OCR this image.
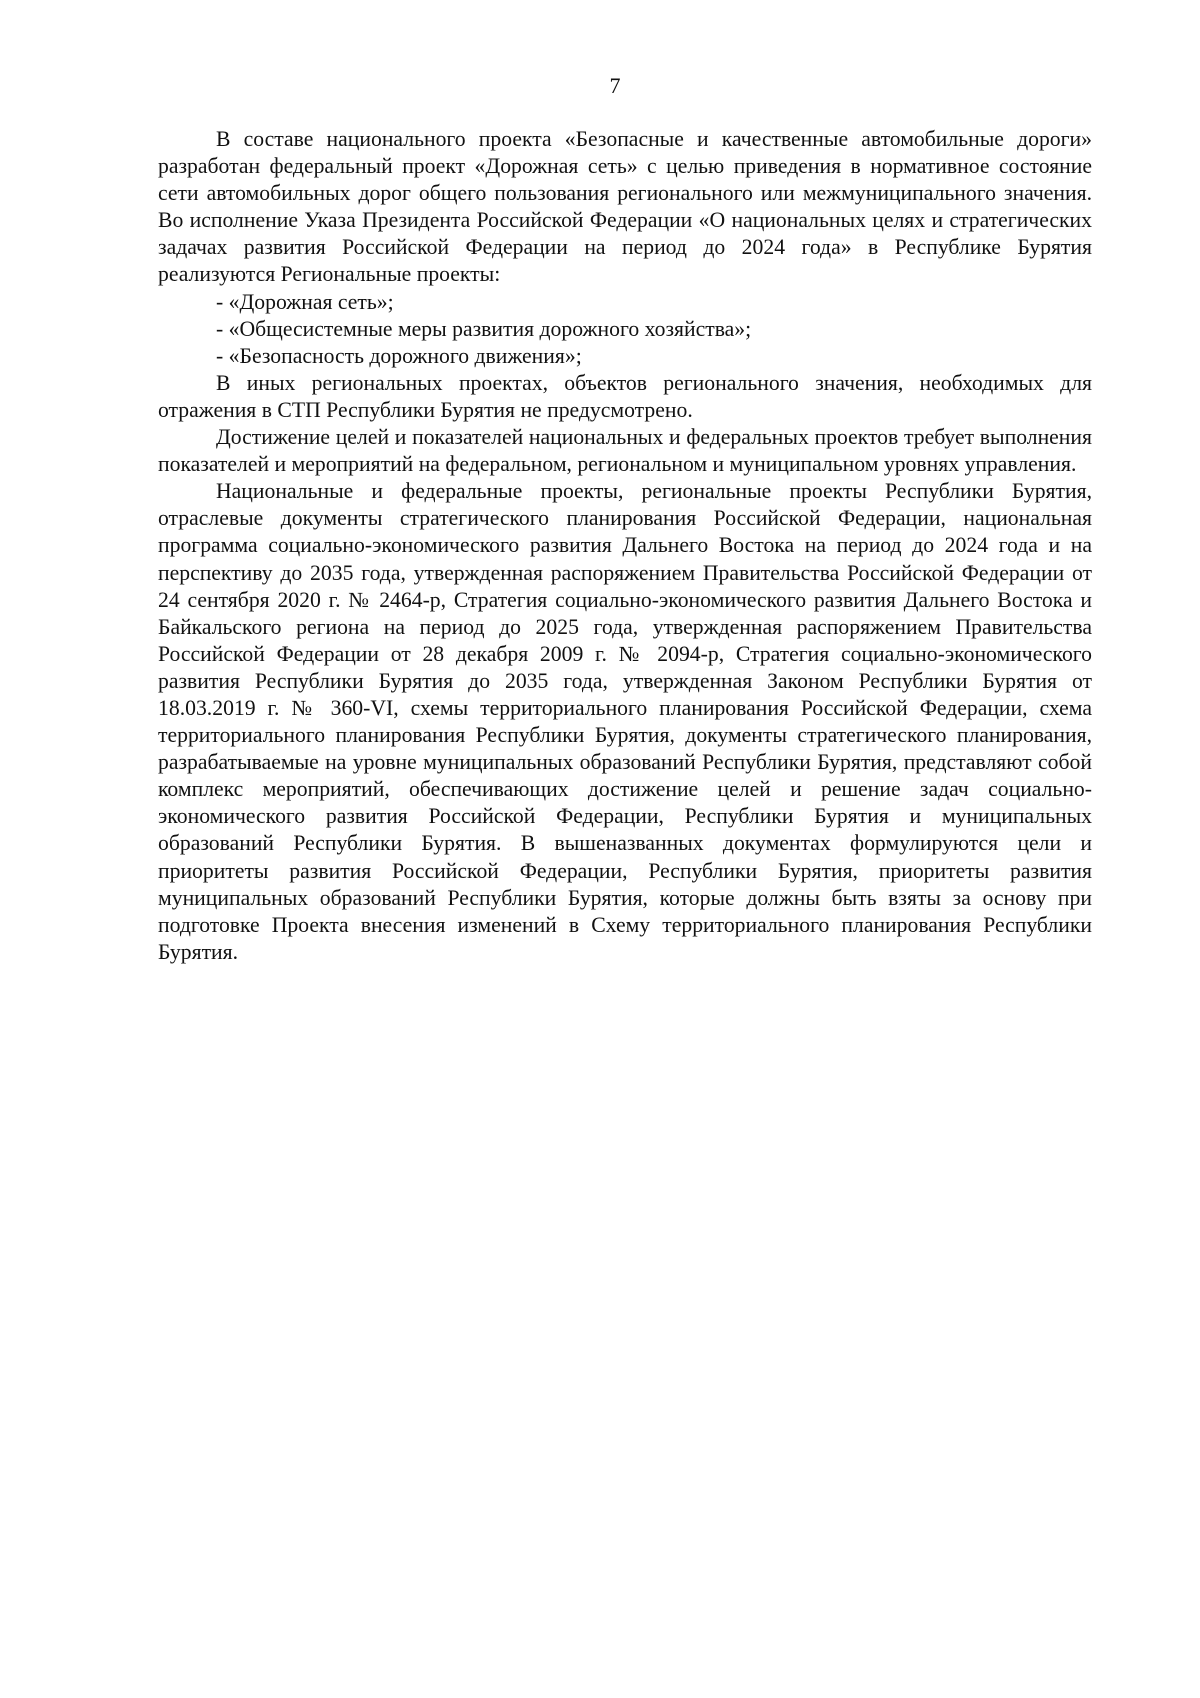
7

В составе национального проекта «Безопасные и качественные автомобильные дороги» разработан федеральный проект «Дорожная сеть» с целью приведения в нормативное состояние сети автомобильных дорог общего пользования регионального или межмуниципального значения. Во исполнение Указа Президента Российской Федерации «О национальных целях и стратегических задачах развития Российской Федерации на период до 2024 года» в Республике Бурятия реализуются Региональные проекты:

- «Дорожная сеть»;

- «Общесистемные меры развития дорожного хозяйства»;

- «Безопасность дорожного движения»;

В иных региональных проектах, объектов регионального значения, необходимых для отражения в СТП Республики Бурятия не предусмотрено.

Достижение целей и показателей национальных и федеральных проектов требует выполнения показателей и мероприятий на федеральном, региональном и муниципальном уровнях управления.

Национальные и федеральные проекты, региональные проекты Республики Бурятия, отраслевые документы стратегического планирования Российской Федерации, национальная программа социально-экономического развития Дальнего Востока на период до 2024 года и на перспективу до 2035 года, утвержденная распоряжением Правительства Российской Федерации от 24 сентября 2020 г. № 2464-р, Стратегия социально-экономического развития Дальнего Востока и Байкальского региона на период до 2025 года, утвержденная распоряжением Правительства Российской Федерации от 28 декабря 2009 г. № 2094-р, Стратегия социально-экономического развития Республики Бурятия до 2035 года, утвержденная Законом Республики Бурятия от 18.03.2019 г. № 360-VI, схемы территориального планирования Российской Федерации, схема территориального планирования Республики Бурятия, документы стратегического планирования, разрабатываемые на уровне муниципальных образований Республики Бурятия, представляют собой комплекс мероприятий, обеспечивающих достижение целей и решение задач социально-экономического развития Российской Федерации, Республики Бурятия и муниципальных образований Республики Бурятия. В вышеназванных документах формулируются цели и приоритеты развития Российской Федерации, Республики Бурятия, приоритеты развития муниципальных образований Республики Бурятия, которые должны быть взяты за основу при подготовке Проекта внесения изменений в Схему территориального планирования Республики Бурятия.
